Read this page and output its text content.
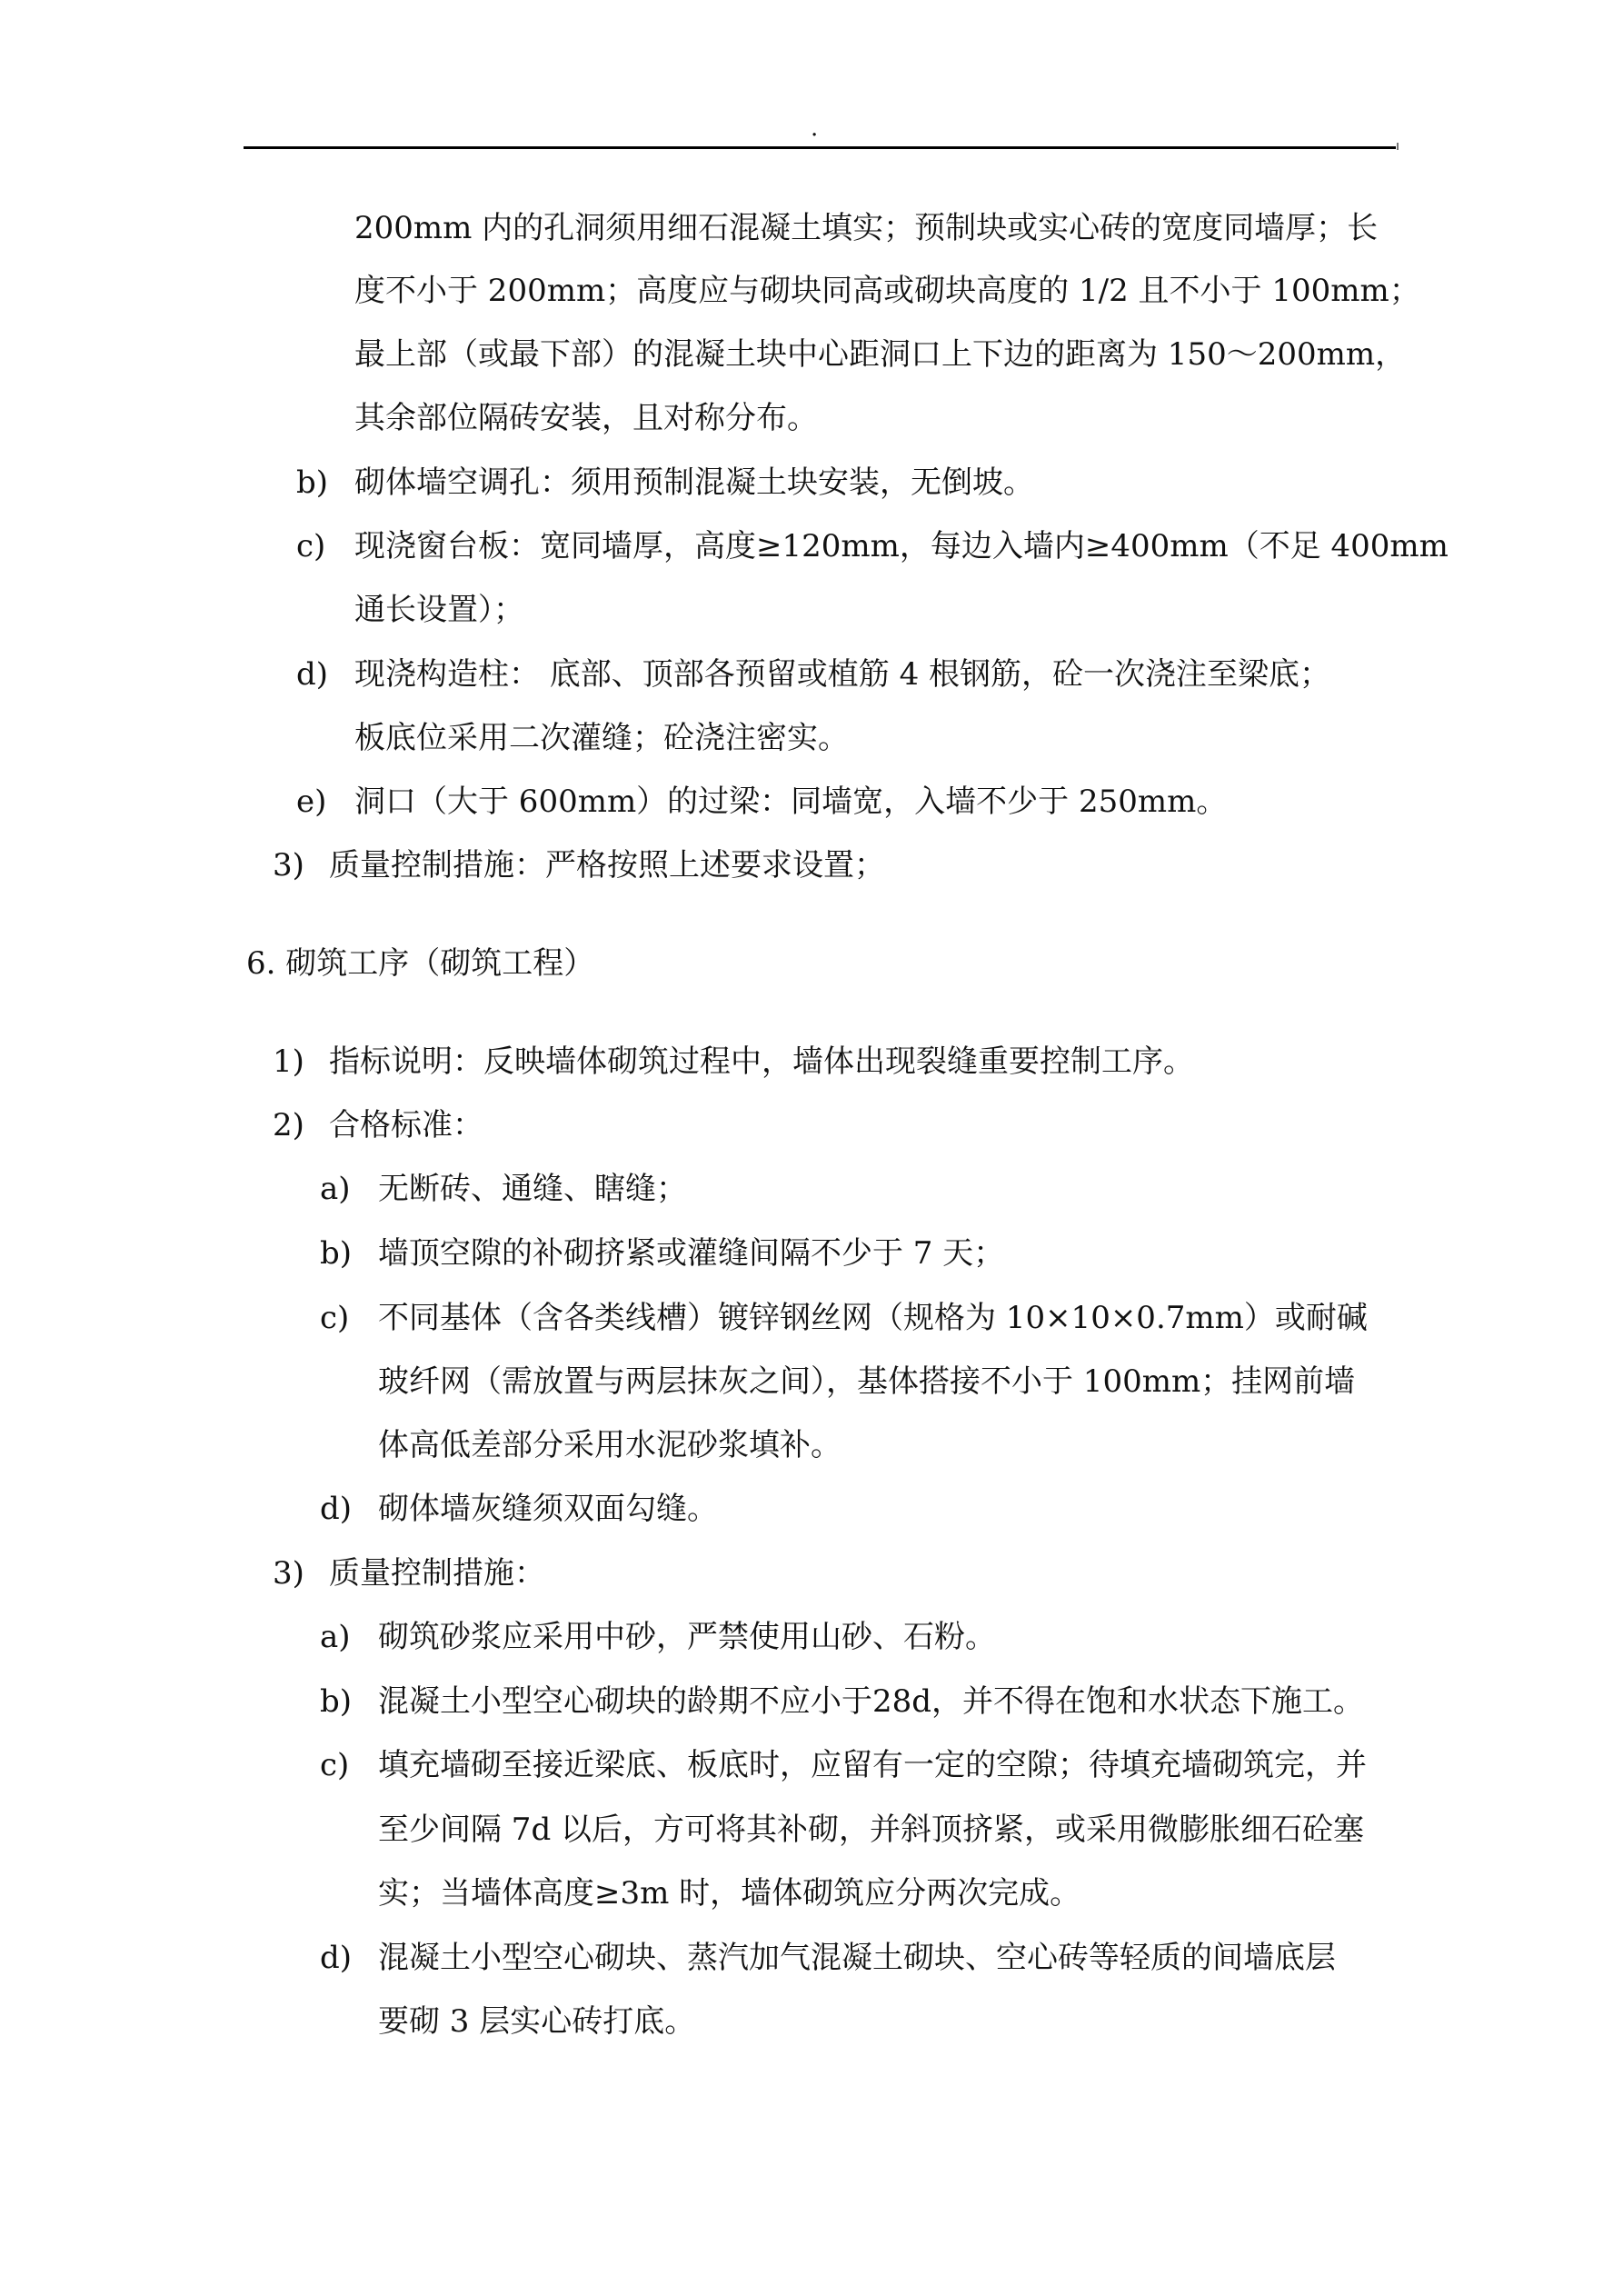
.
200mm 内的孔洞须用细石混凝土填实；预制块或实心砖的宽度同墙厚；长
度不小于 200mm；高度应与砌块同高或砌块高度的 1/2 且不小于 100mm；
最上部（或最下部）的混凝土块中心距洞口上下边的距离为 150～200mm，
其余部位隔砖安装，且对称分布。
b) 砌体墙空调孔：须用预制混凝土块安装，无倒坡。
c) 现浇窗台板：宽同墙厚，高度≥120mm，每边入墙内≥400mm（不足 400mm
通长设置）；
d) 现浇构造柱： 底部、顶部各预留或植筋 4 根钢筋，砼一次浇注至梁底；
板底位采用二次灌缝；砼浇注密实。
e) 洞口（大于 600mm）的过梁：同墙宽，入墙不少于 250mm。
3) 质量控制措施：严格按照上述要求设置；
6. 砌筑工序（砌筑工程）
1) 指标说明：反映墙体砌筑过程中，墙体出现裂缝重要控制工序。
2) 合格标准：
a) 无断砖、通缝、瞎缝；
b) 墙顶空隙的补砌挤紧或灌缝间隔不少于 7 天；
c) 不同基体（含各类线槽）镀锌钢丝网（规格为 10×10×0.7mm）或耐碱
玻纤网（需放置与两层抹灰之间），基体搭接不小于 100mm；挂网前墙
体高低差部分采用水泥砂浆填补。
d) 砌体墙灰缝须双面勾缝。
3) 质量控制措施：
a) 砌筑砂浆应采用中砂，严禁使用山砂、石粉。
b) 混凝土小型空心砌块的龄期不应小于28d，并不得在饱和水状态下施工。
c) 填充墙砌至接近梁底、板底时，应留有一定的空隙；待填充墙砌筑完，并
至少间隔 7d 以后，方可将其补砌，并斜顶挤紧，或采用微膨胀细石砼塞
实；当墙体高度≥3m 时，墙体砌筑应分两次完成。
d) 混凝土小型空心砌块、蒸汽加气混凝土砌块、空心砖等轻质的间墙底层
要砌 3 层实心砖打底。
